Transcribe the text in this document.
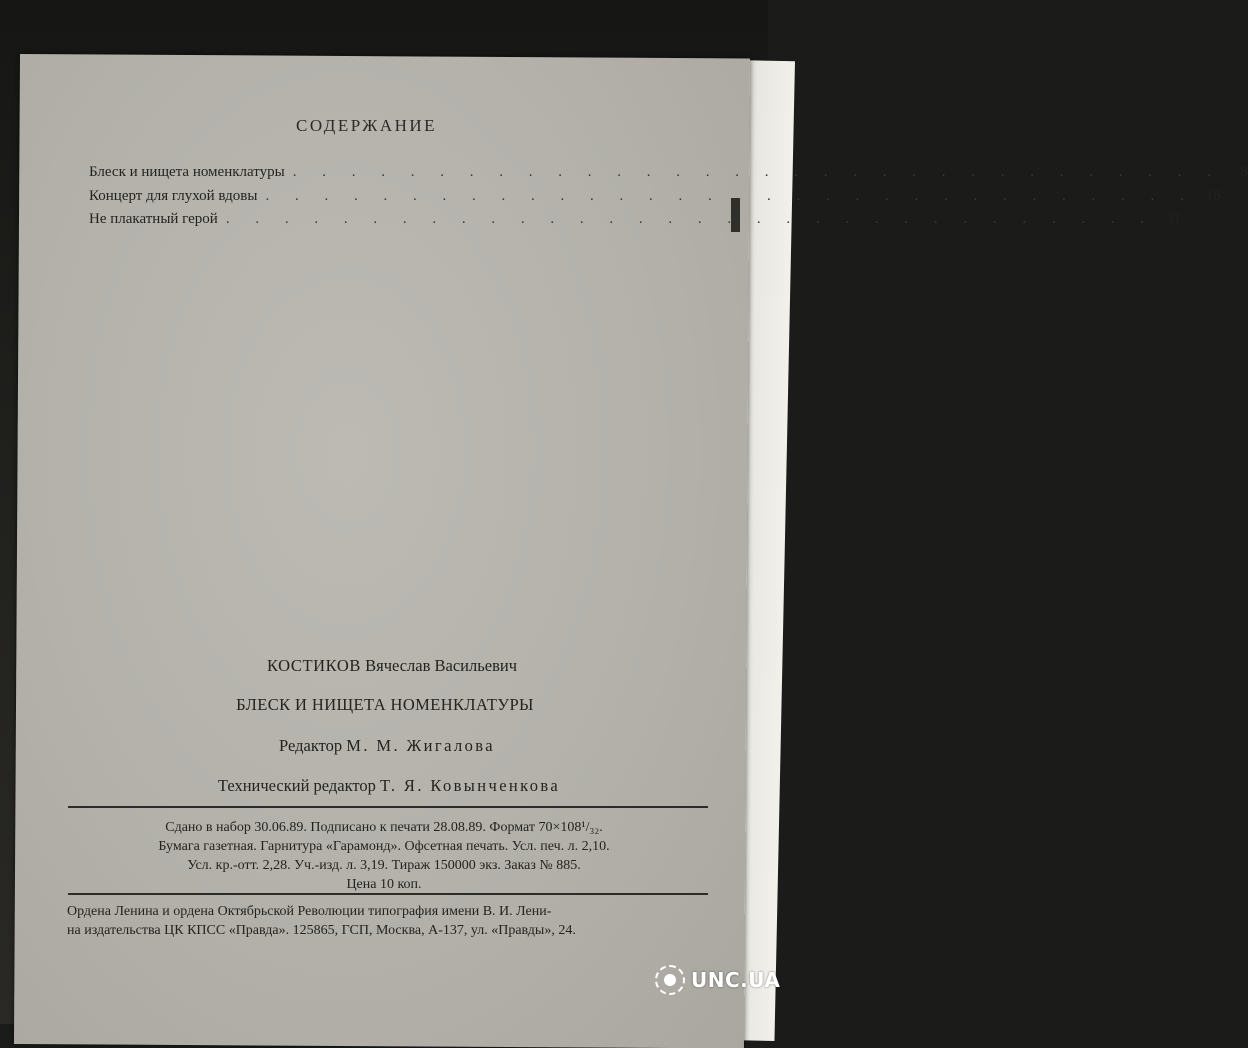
СОДЕРЖАНИЕ
Блеск и нищета номенклатуры . . . . . . . . . . . . . . . . . . . . . . . . . . . . . . . .	3
Концерт для глухой вдовы . . . . . . . . . . . . . . . . . . . . . . . . . . . . . . . . 16
Не плакатный герой . . . . . . . . . . . . . . . . . . . . . . . . . . . . . . . . 31
КОСТИКОВ Вячеслав Васильевич
БЛЕСК И НИЩЕТА НОМЕНКЛАТУРЫ
Редактор М. М. Жигалова
Технический редактор Т. Я. Ковынченкова
Сдано в набор 30.06.89. Подписано к печати 28.08.89. Формат 70×108¹/₃₂.
Бумага газетная. Гарнитура «Гарамонд». Офсетная печать. Усл. печ. л. 2,10.
Усл. кр.-отт. 2,28. Уч.-изд. л. 3,19. Тираж 150000 экз. Заказ № 885.
Цена 10 коп.
Ордена Ленина и ордена Октябрьской Революции типография имени В. И. Лени-
на издательства ЦК КПСС «Правда». 125865, ГСП, Москва, А-137, ул. «Правды», 24.
UNC.UA
